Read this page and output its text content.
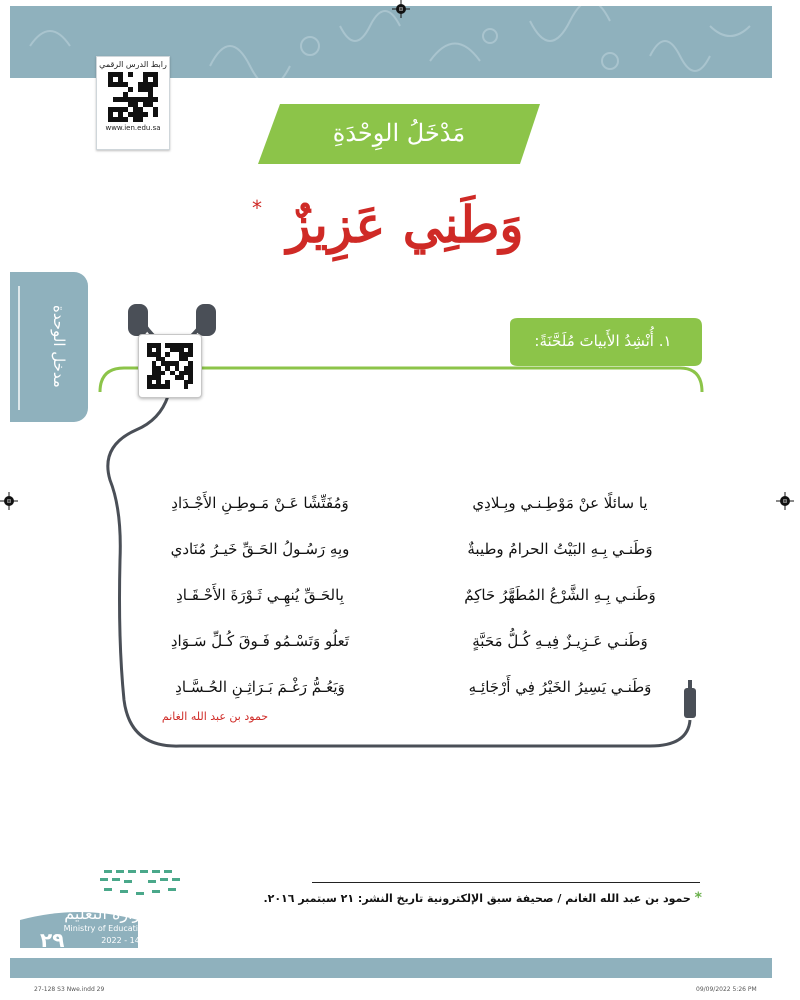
رابط الدرس الرقمي
www.ien.edu.sa	مَدْخَلُ الوِحْدَةِ
وَطَنِي عَزِيزٌ
*
مدخل الوحدة	١. أُنْشِدُ الأَبياتَ مُلَحَّنَةً:
يا سائلًا عنْ مَوْطِـنـي وبِـلادِي
وَمُفَتِّشًا عَـنْ مَـوطِـنِ الأَجْـدَادِ
وَطَنـي بِـهِ البَيْتُ الحرامُ وطيبةٌ
وبِهِ رَسُـولُ الحَـقِّ خَيـرُ مُنَادي
وَطَنـي بِـهِ الشَّرْعُ المُطَهَّرُ حَاكِمٌ
بِالحَـقِّ يُنهِـي ثَـوْرَةَ الأَحْـقَـادِ
وَطَنـي عَـزِيـزٌ فِيـهِ كُـلُّ مَحَبَّةٍ
تَعلُو وَتَسْـمُو فَـوقَ كُـلِّ سَـوَادِ
وَطَنـي يَسِيرُ الخَيْرُ فِي أَرْجَائِـهِ
وَيَعُـمُّ رَغْـمَ بَـرَاثِـنِ الحُـسَّـادِ
حمود بن عبد الله الغانم
* حمود بن عبد الله الغانم / صحيفة سبق الإلكترونية تاريخ النشر: ٢١ سبتمبر ٢٠١٦.
وزارة التعليم
Ministry of Education
٢٩	2022 - 1444
27-128 S3 Nwe.indd 29	09/09/2022 5:26 PM
